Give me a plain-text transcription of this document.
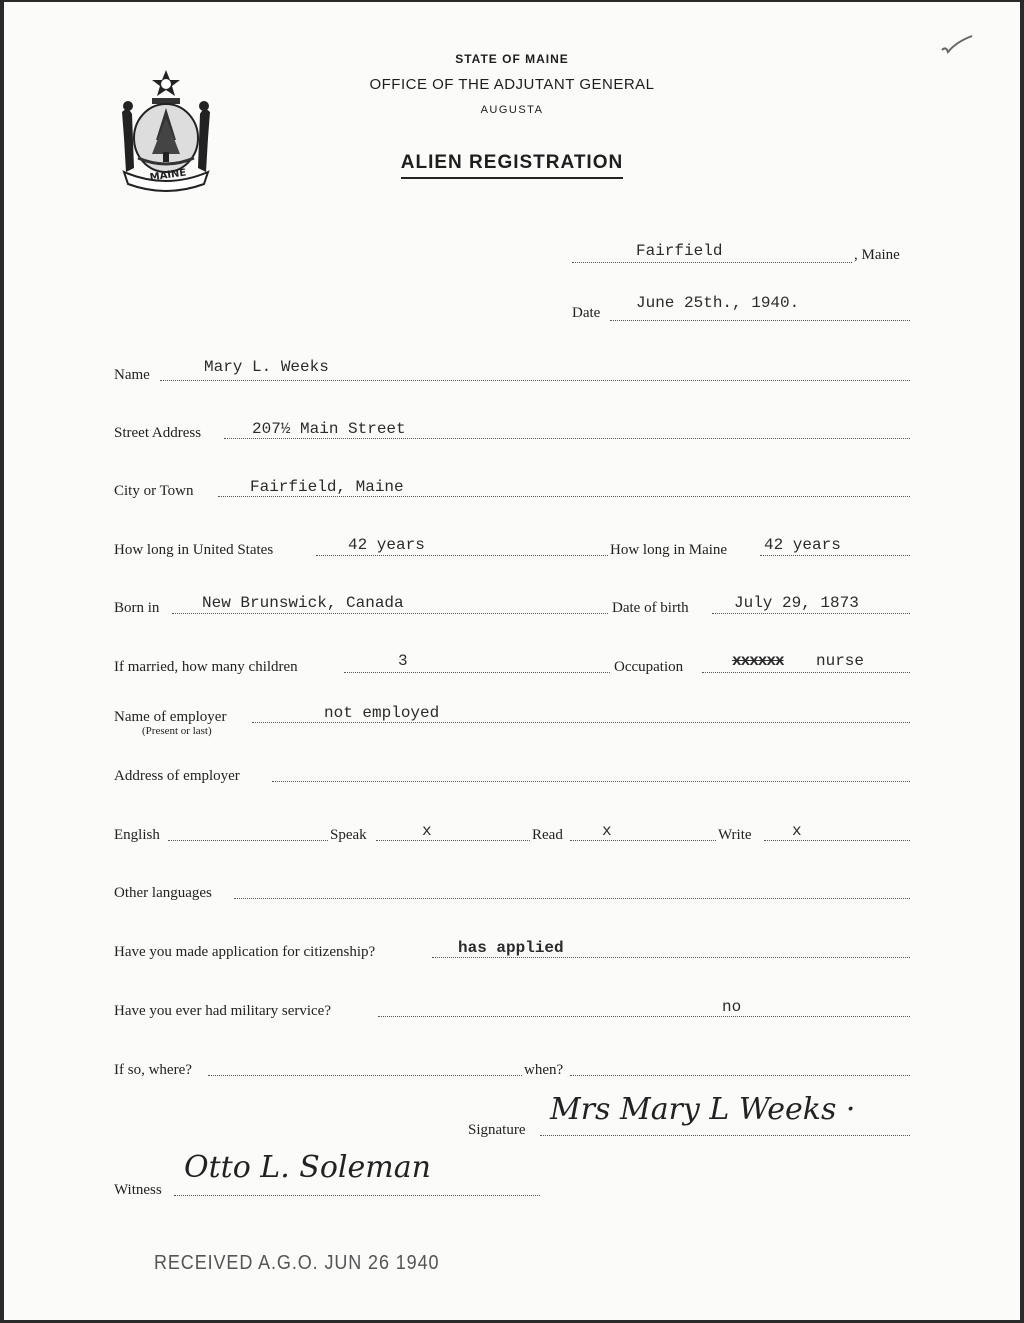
MAINE
STATE OF MAINE
OFFICE OF THE ADJUTANT GENERAL
AUGUSTA
ALIEN REGISTRATION
Fairfield	, Maine
Date
June 25th., 1940.
Name	Mary L. Weeks
Street Address	207½ Main Street
City or Town	Fairfield, Maine
How long in United States	42 years	How long in Maine 42 years
Born in	New Brunswick, Canada	Date of birth	July 29, 1873
If married, how many children	3	Occupation	xxxxxx nurse
Name of employer
(Present or last)
not employed
Address of employer
English	Speak	x	Read x	Write	x
Other languages
Have you made application for citizenship?	has applied
Have you ever had military service?	no
If so, where?	when?
Signature
Mrs Mary L Weeks ·
Witness
Otto L. Soleman
RECEIVED A.G.O. JUN 26 1940
